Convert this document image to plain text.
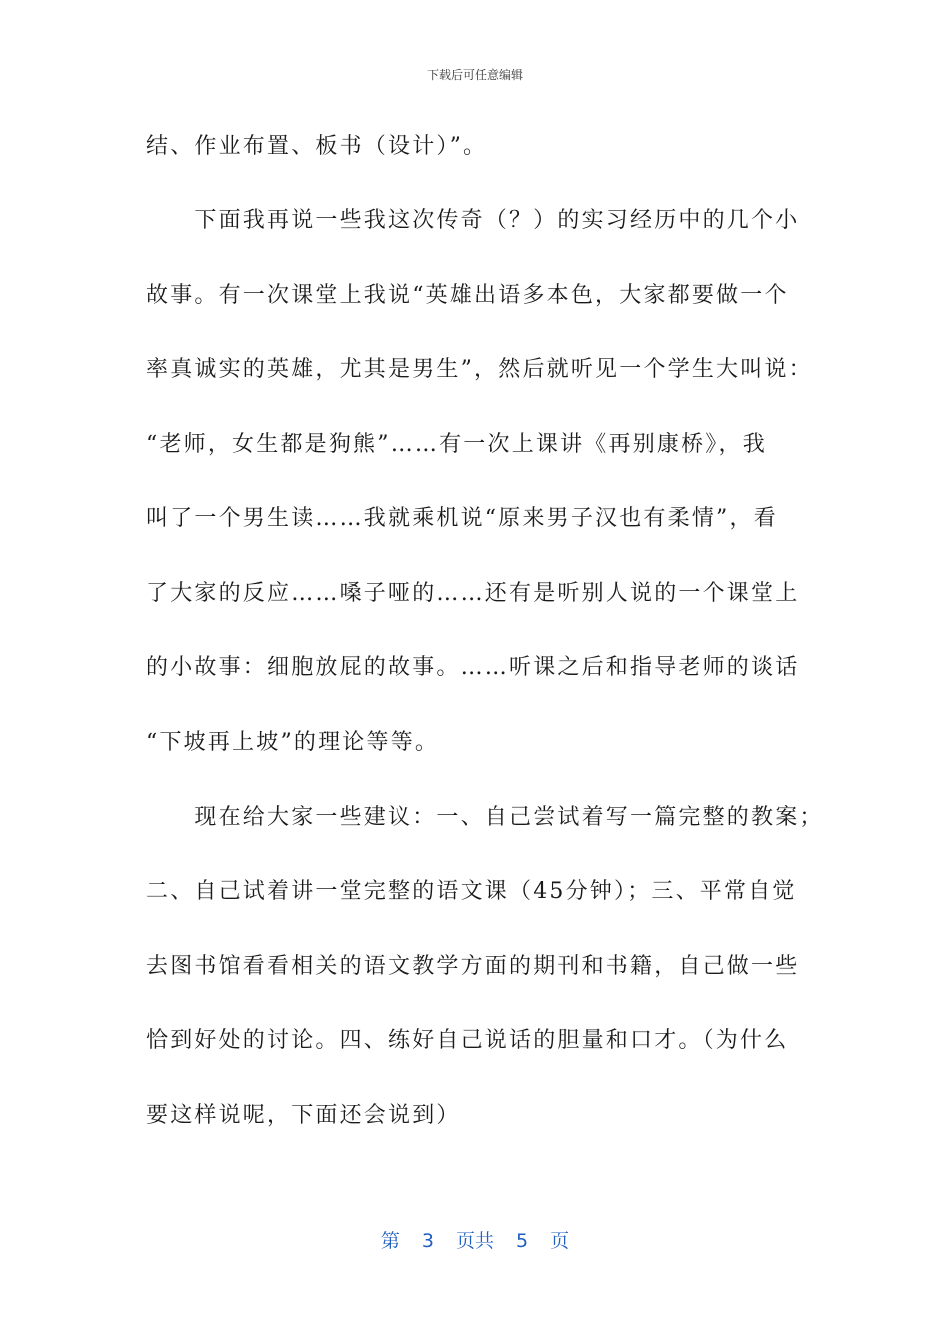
下载后可任意编辑
结、作业布置、板书（设计）”。
　　下面我再说一些我这次传奇（？）的实习经历中的几个小
故事。有一次课堂上我说“英雄出语多本色，大家都要做一个
率真诚实的英雄，尤其是男生”，然后就听见一个学生大叫说：
“老师，女生都是狗熊”……有一次上课讲《再别康桥》，我
叫了一个男生读……我就乘机说“原来男子汉也有柔情”，看
了大家的反应……嗓子哑的……还有是听别人说的一个课堂上
的小故事：细胞放屁的故事。……听课之后和指导老师的谈话
“下坡再上坡”的理论等等。
　　现在给大家一些建议：一、自己尝试着写一篇完整的教案；
二、自己试着讲一堂完整的语文课（45分钟）；三、平常自觉
去图书馆看看相关的语文教学方面的期刊和书籍，自己做一些
恰到好处的讨论。四、练好自己说话的胆量和口才。（为什么
要这样说呢，下面还会说到）
第 3 页共 5 页
